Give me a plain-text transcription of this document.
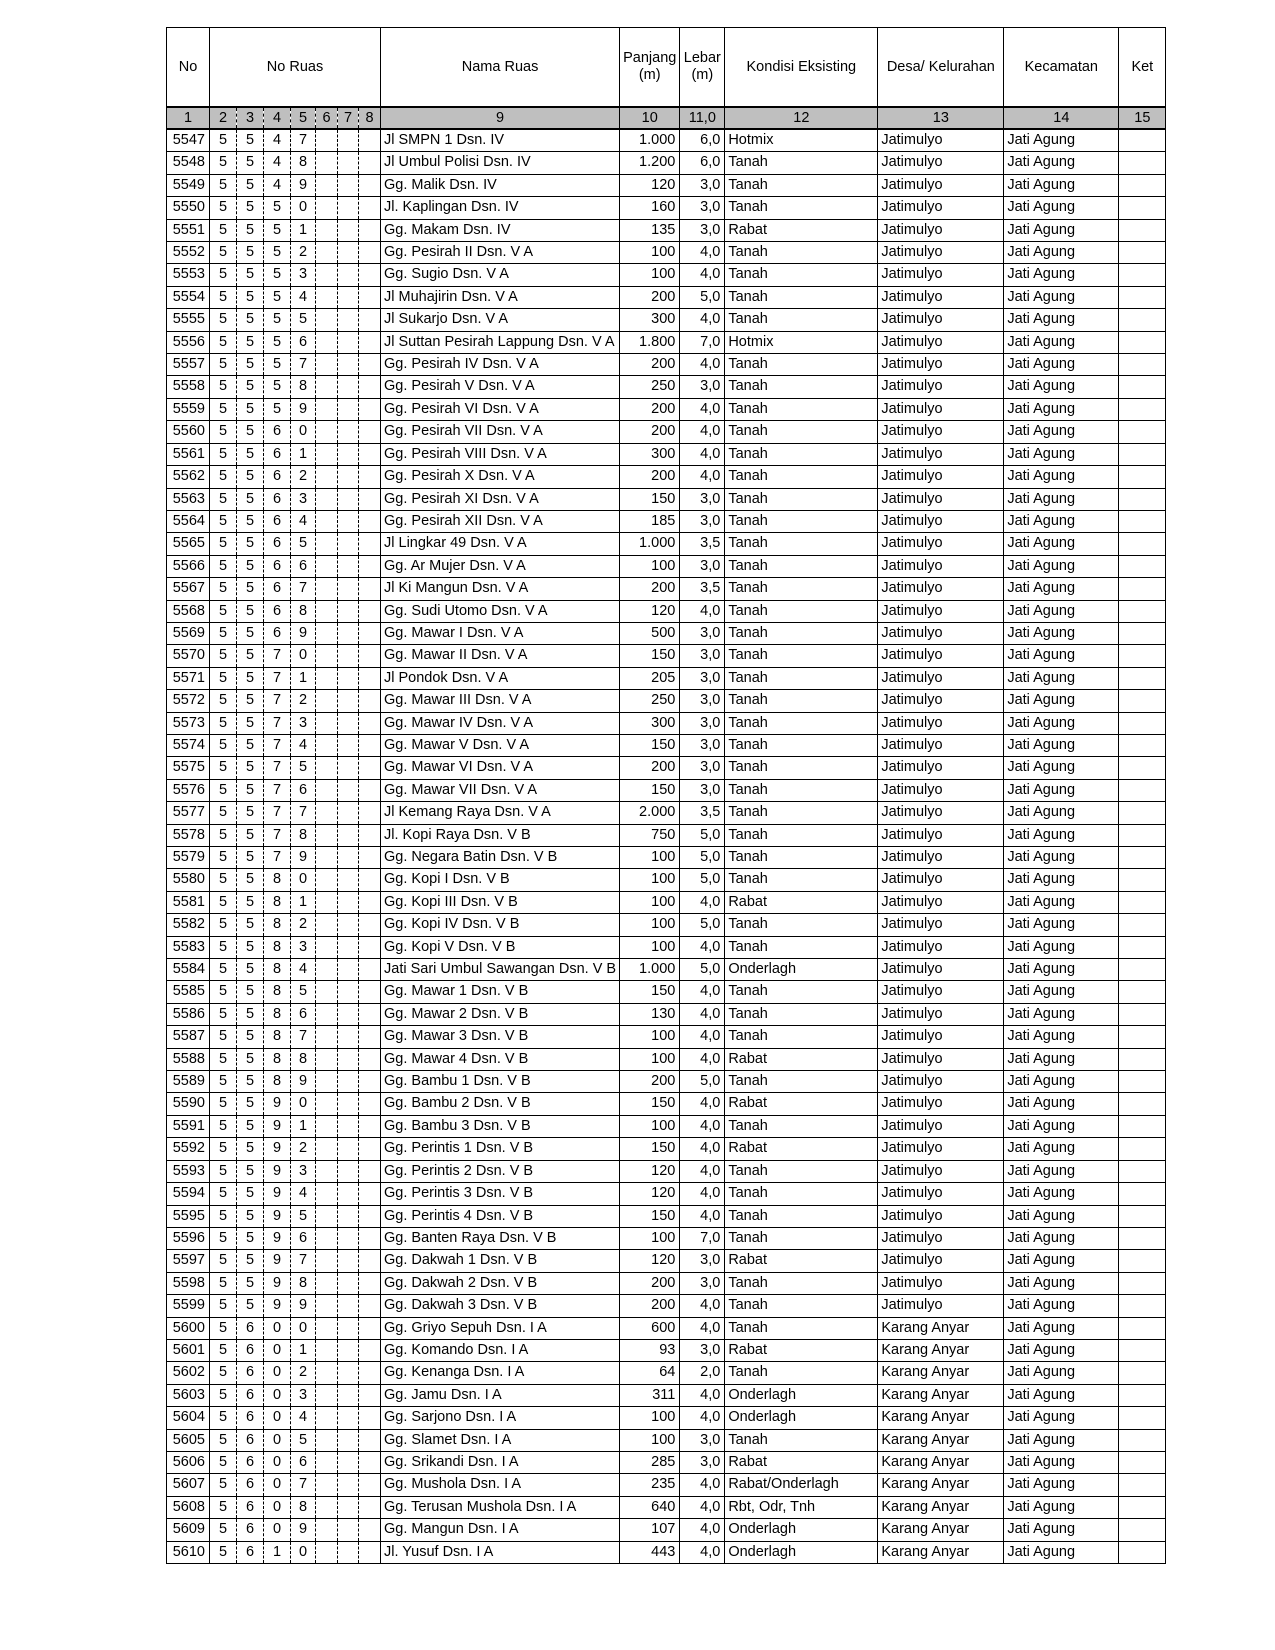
No	No Ruas							Nama Ruas	Panjang (m)	Lebar (m)	Kondisi Eksisting	Desa/ Kelurahan	Kecamatan	Ket
1	2	3	4	5	6	7	8	9	10	11,0	12	13	14	15
5547	5	5	4	7				Jl SMPN 1 Dsn. IV	1.000	6,0	Hotmix	Jatimulyo	Jati Agung	
5548	5	5	4	8				Jl Umbul Polisi Dsn. IV	1.200	6,0	Tanah	Jatimulyo	Jati Agung	
5549	5	5	4	9				Gg. Malik Dsn. IV	120	3,0	Tanah	Jatimulyo	Jati Agung	
5550	5	5	5	0				Jl. Kaplingan Dsn. IV	160	3,0	Tanah	Jatimulyo	Jati Agung	
5551	5	5	5	1				Gg. Makam Dsn. IV	135	3,0	Rabat	Jatimulyo	Jati Agung	
5552	5	5	5	2				Gg. Pesirah II Dsn. V A	100	4,0	Tanah	Jatimulyo	Jati Agung	
5553	5	5	5	3				Gg. Sugio Dsn. V A	100	4,0	Tanah	Jatimulyo	Jati Agung	
5554	5	5	5	4				Jl Muhajirin Dsn. V A	200	5,0	Tanah	Jatimulyo	Jati Agung	
5555	5	5	5	5				Jl Sukarjo Dsn. V A	300	4,0	Tanah	Jatimulyo	Jati Agung	
5556	5	5	5	6				Jl Suttan Pesirah Lappung Dsn. V A	1.800	7,0	Hotmix	Jatimulyo	Jati Agung	
5557	5	5	5	7				Gg. Pesirah IV Dsn. V A	200	4,0	Tanah	Jatimulyo	Jati Agung	
5558	5	5	5	8				Gg. Pesirah V Dsn. V A	250	3,0	Tanah	Jatimulyo	Jati Agung	
5559	5	5	5	9				Gg. Pesirah VI Dsn. V A	200	4,0	Tanah	Jatimulyo	Jati Agung	
5560	5	5	6	0				Gg. Pesirah VII Dsn. V A	200	4,0	Tanah	Jatimulyo	Jati Agung	
5561	5	5	6	1				Gg. Pesirah VIII Dsn. V A	300	4,0	Tanah	Jatimulyo	Jati Agung	
5562	5	5	6	2				Gg. Pesirah X Dsn. V A	200	4,0	Tanah	Jatimulyo	Jati Agung	
5563	5	5	6	3				Gg. Pesirah XI Dsn. V A	150	3,0	Tanah	Jatimulyo	Jati Agung	
5564	5	5	6	4				Gg. Pesirah XII Dsn. V A	185	3,0	Tanah	Jatimulyo	Jati Agung	
5565	5	5	6	5				Jl Lingkar 49 Dsn. V A	1.000	3,5	Tanah	Jatimulyo	Jati Agung	
5566	5	5	6	6				Gg. Ar Mujer Dsn. V A	100	3,0	Tanah	Jatimulyo	Jati Agung	
5567	5	5	6	7				Jl Ki Mangun Dsn. V A	200	3,5	Tanah	Jatimulyo	Jati Agung	
5568	5	5	6	8				Gg. Sudi Utomo Dsn. V A	120	4,0	Tanah	Jatimulyo	Jati Agung	
5569	5	5	6	9				Gg. Mawar I Dsn. V A	500	3,0	Tanah	Jatimulyo	Jati Agung	
5570	5	5	7	0				Gg. Mawar II Dsn. V A	150	3,0	Tanah	Jatimulyo	Jati Agung	
5571	5	5	7	1				Jl Pondok Dsn. V A	205	3,0	Tanah	Jatimulyo	Jati Agung	
5572	5	5	7	2				Gg. Mawar III Dsn. V A	250	3,0	Tanah	Jatimulyo	Jati Agung	
5573	5	5	7	3				Gg. Mawar IV Dsn. V A	300	3,0	Tanah	Jatimulyo	Jati Agung	
5574	5	5	7	4				Gg. Mawar V Dsn. V A	150	3,0	Tanah	Jatimulyo	Jati Agung	
5575	5	5	7	5				Gg. Mawar VI Dsn. V A	200	3,0	Tanah	Jatimulyo	Jati Agung	
5576	5	5	7	6				Gg. Mawar VII Dsn. V A	150	3,0	Tanah	Jatimulyo	Jati Agung	
5577	5	5	7	7				Jl Kemang Raya Dsn. V A	2.000	3,5	Tanah	Jatimulyo	Jati Agung	
5578	5	5	7	8				Jl. Kopi Raya Dsn. V B	750	5,0	Tanah	Jatimulyo	Jati Agung	
5579	5	5	7	9				Gg. Negara Batin Dsn. V B	100	5,0	Tanah	Jatimulyo	Jati Agung	
5580	5	5	8	0				Gg. Kopi I Dsn. V B	100	5,0	Tanah	Jatimulyo	Jati Agung	
5581	5	5	8	1				Gg. Kopi III Dsn. V B	100	4,0	Rabat	Jatimulyo	Jati Agung	
5582	5	5	8	2				Gg. Kopi IV Dsn. V B	100	5,0	Tanah	Jatimulyo	Jati Agung	
5583	5	5	8	3				Gg. Kopi V Dsn. V B	100	4,0	Tanah	Jatimulyo	Jati Agung	
5584	5	5	8	4				Jati Sari Umbul Sawangan Dsn. V B	1.000	5,0	Onderlagh	Jatimulyo	Jati Agung	
5585	5	5	8	5				Gg. Mawar 1 Dsn. V B	150	4,0	Tanah	Jatimulyo	Jati Agung	
5586	5	5	8	6				Gg. Mawar 2 Dsn. V B	130	4,0	Tanah	Jatimulyo	Jati Agung	
5587	5	5	8	7				Gg. Mawar 3 Dsn. V B	100	4,0	Tanah	Jatimulyo	Jati Agung	
5588	5	5	8	8				Gg. Mawar 4 Dsn. V B	100	4,0	Rabat	Jatimulyo	Jati Agung	
5589	5	5	8	9				Gg. Bambu 1 Dsn. V B	200	5,0	Tanah	Jatimulyo	Jati Agung	
5590	5	5	9	0				Gg. Bambu 2 Dsn. V B	150	4,0	Rabat	Jatimulyo	Jati Agung	
5591	5	5	9	1				Gg. Bambu 3 Dsn. V B	100	4,0	Tanah	Jatimulyo	Jati Agung	
5592	5	5	9	2				Gg. Perintis 1 Dsn. V B	150	4,0	Rabat	Jatimulyo	Jati Agung	
5593	5	5	9	3				Gg. Perintis 2 Dsn. V B	120	4,0	Tanah	Jatimulyo	Jati Agung	
5594	5	5	9	4				Gg. Perintis 3 Dsn. V B	120	4,0	Tanah	Jatimulyo	Jati Agung	
5595	5	5	9	5				Gg. Perintis 4 Dsn. V B	150	4,0	Tanah	Jatimulyo	Jati Agung	
5596	5	5	9	6				Gg. Banten Raya Dsn. V B	100	7,0	Tanah	Jatimulyo	Jati Agung	
5597	5	5	9	7				Gg. Dakwah 1 Dsn. V B	120	3,0	Rabat	Jatimulyo	Jati Agung	
5598	5	5	9	8				Gg. Dakwah 2 Dsn. V B	200	3,0	Tanah	Jatimulyo	Jati Agung	
5599	5	5	9	9				Gg. Dakwah 3 Dsn. V B	200	4,0	Tanah	Jatimulyo	Jati Agung	
5600	5	6	0	0				Gg. Griyo Sepuh Dsn. I A	600	4,0	Tanah	Karang Anyar	Jati Agung	
5601	5	6	0	1				Gg. Komando Dsn. I A	93	3,0	Rabat	Karang Anyar	Jati Agung	
5602	5	6	0	2				Gg. Kenanga Dsn. I A	64	2,0	Tanah	Karang Anyar	Jati Agung	
5603	5	6	0	3				Gg. Jamu Dsn. I A	311	4,0	Onderlagh	Karang Anyar	Jati Agung	
5604	5	6	0	4				Gg. Sarjono Dsn. I A	100	4,0	Onderlagh	Karang Anyar	Jati Agung	
5605	5	6	0	5				Gg. Slamet Dsn. I A	100	3,0	Tanah	Karang Anyar	Jati Agung	
5606	5	6	0	6				Gg. Srikandi Dsn. I A	285	3,0	Rabat	Karang Anyar	Jati Agung	
5607	5	6	0	7				Gg. Mushola Dsn. I A	235	4,0	Rabat/Onderlagh	Karang Anyar	Jati Agung	
5608	5	6	0	8				Gg. Terusan Mushola Dsn. I A	640	4,0	Rbt, Odr, Tnh	Karang Anyar	Jati Agung	
5609	5	6	0	9				Gg. Mangun Dsn. I A	107	4,0	Onderlagh	Karang Anyar	Jati Agung	
5610	5	6	1	0				Jl. Yusuf Dsn. I A	443	4,0	Onderlagh	Karang Anyar	Jati Agung	
